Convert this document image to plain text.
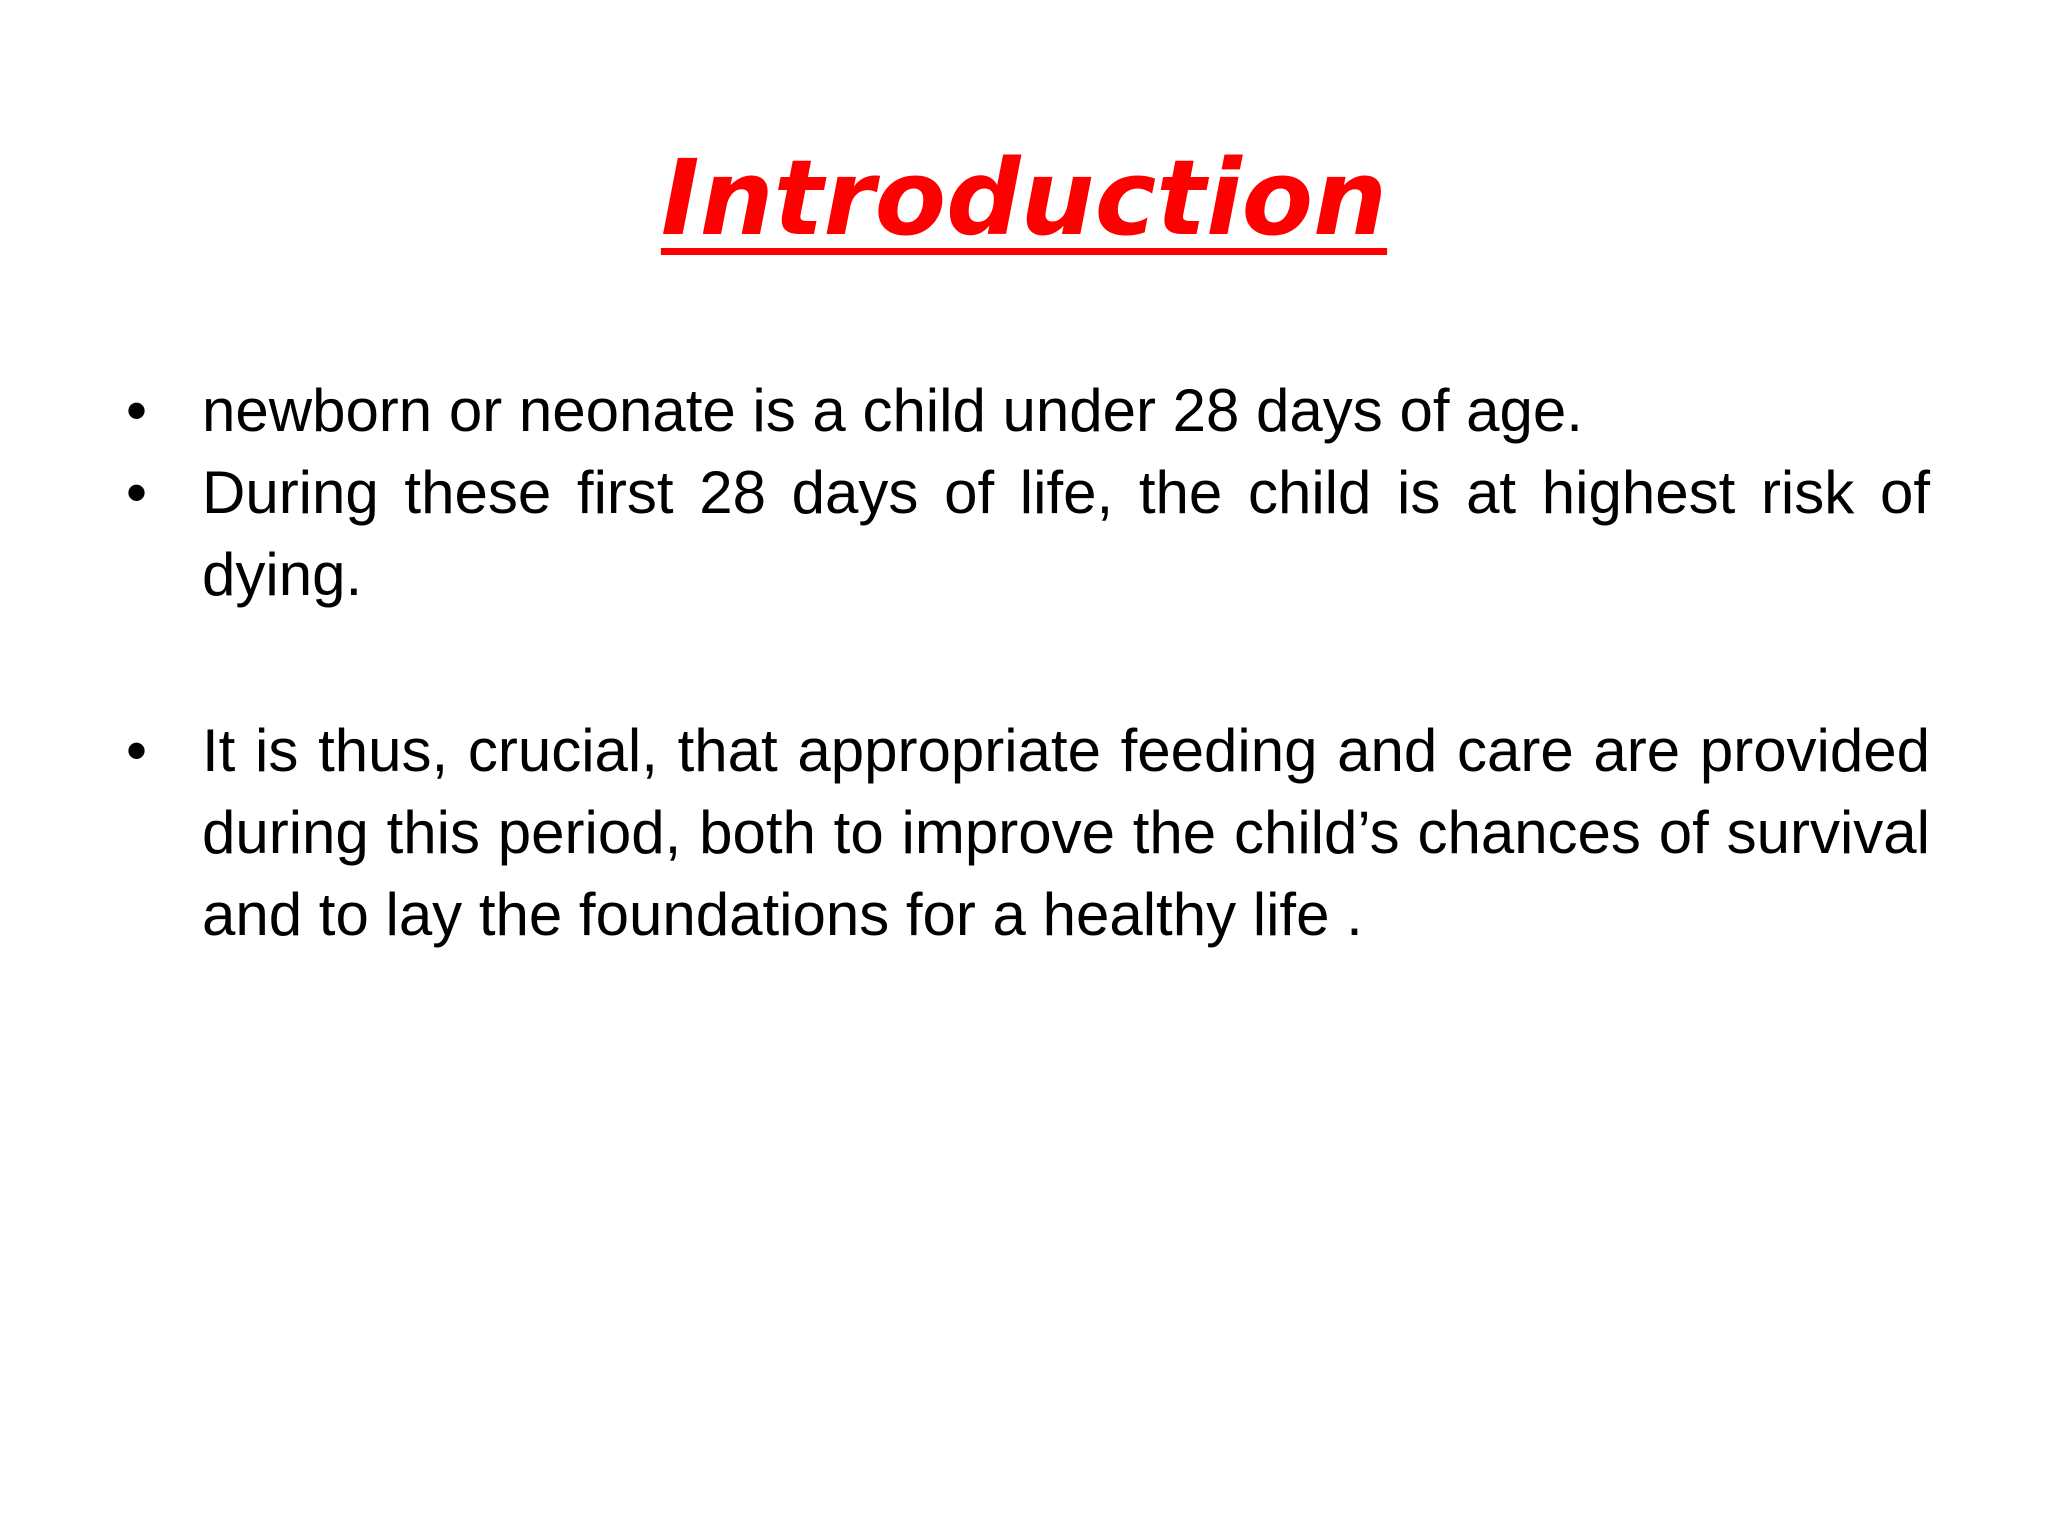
Introduction
• newborn or neonate is a child under 28 days of age.
• During these first 28 days of life, the child is at highest risk of dying.
• It is thus, crucial, that appropriate feeding and care are provided during this period, both to improve the child’s chances of survival and to lay the foundations for a healthy life .
